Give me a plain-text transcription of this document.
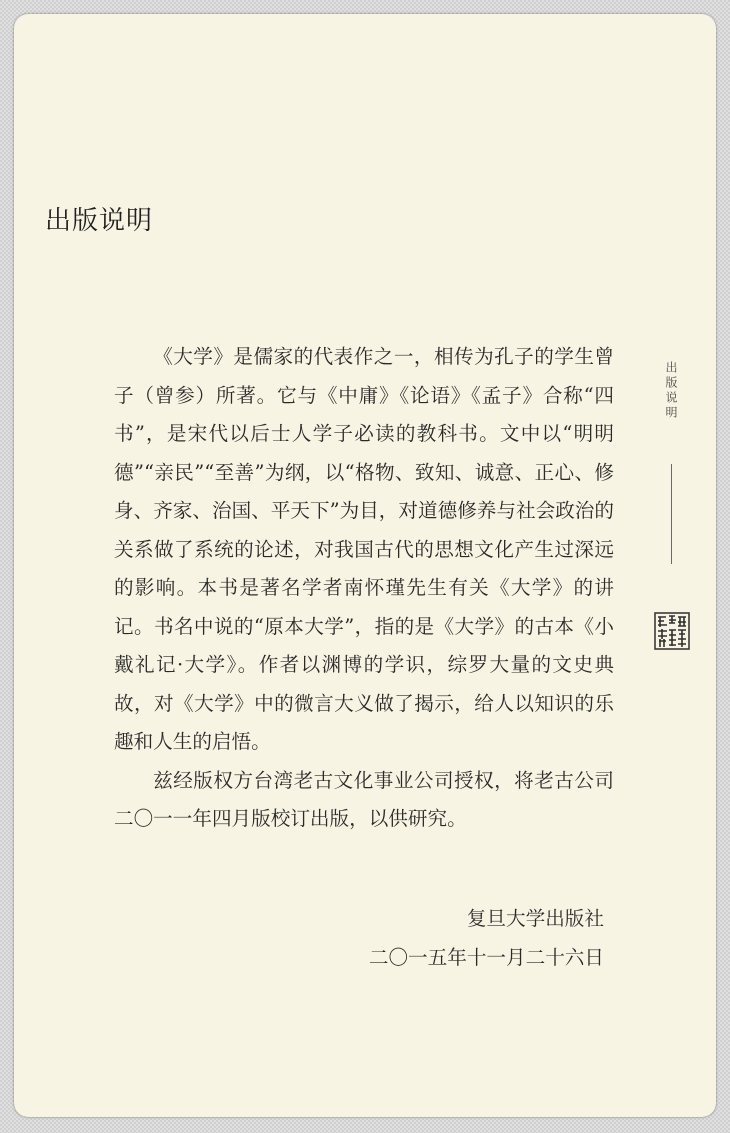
出版说明

《大学》是儒家的代表作之一，相传为孔子的学生曾子（曾参）所著。它与《中庸》《论语》《孟子》合称“四书”，是宋代以后士人学子必读的教科书。文中以“明明德”“亲民”“至善”为纲，以“格物、致知、诚意、正心、修身、齐家、治国、平天下”为目，对道德修养与社会政治的关系做了系统的论述，对我国古代的思想文化产生过深远的影响。本书是著名学者南怀瑾先生有关《大学》的讲记。书名中说的“原本大学”，指的是《大学》的古本《小戴礼记·大学》。作者以渊博的学识，综罗大量的文史典故，对《大学》中的微言大义做了揭示，给人以知识的乐趣和人生的启悟。

兹经版权方台湾老古文化事业公司授权，将老古公司二〇一一年四月版校订出版，以供研究。

复旦大学出版社
二〇一五年十一月二十六日
出版说明
